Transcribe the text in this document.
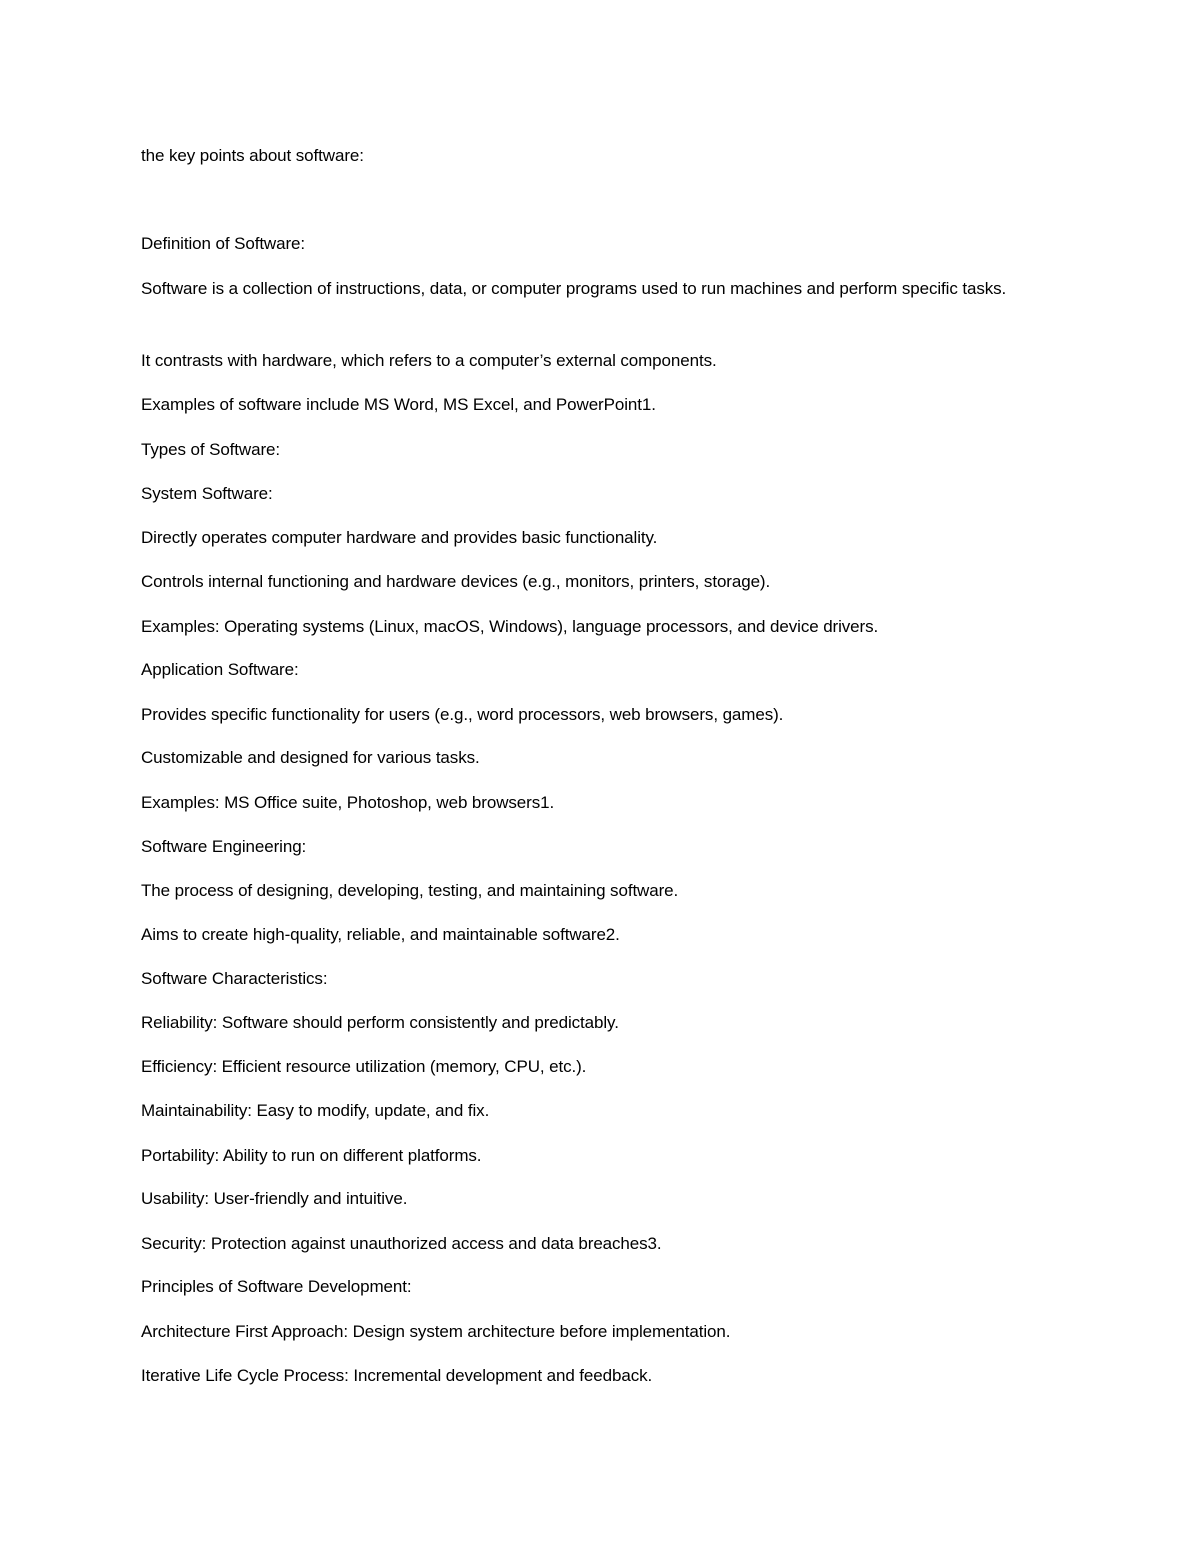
the key points about software:

Definition of Software:

Software is a collection of instructions, data, or computer programs used to run machines and perform specific tasks.

It contrasts with hardware, which refers to a computer’s external components.

Examples of software include MS Word, MS Excel, and PowerPoint1.

Types of Software:

System Software:

Directly operates computer hardware and provides basic functionality.

Controls internal functioning and hardware devices (e.g., monitors, printers, storage).

Examples: Operating systems (Linux, macOS, Windows), language processors, and device drivers.

Application Software:

Provides specific functionality for users (e.g., word processors, web browsers, games).

Customizable and designed for various tasks.

Examples: MS Office suite, Photoshop, web browsers1.

Software Engineering:

The process of designing, developing, testing, and maintaining software.

Aims to create high-quality, reliable, and maintainable software2.

Software Characteristics:

Reliability: Software should perform consistently and predictably.

Efficiency: Efficient resource utilization (memory, CPU, etc.).

Maintainability: Easy to modify, update, and fix.

Portability: Ability to run on different platforms.

Usability: User-friendly and intuitive.

Security: Protection against unauthorized access and data breaches3.

Principles of Software Development:

Architecture First Approach: Design system architecture before implementation.

Iterative Life Cycle Process: Incremental development and feedback.
